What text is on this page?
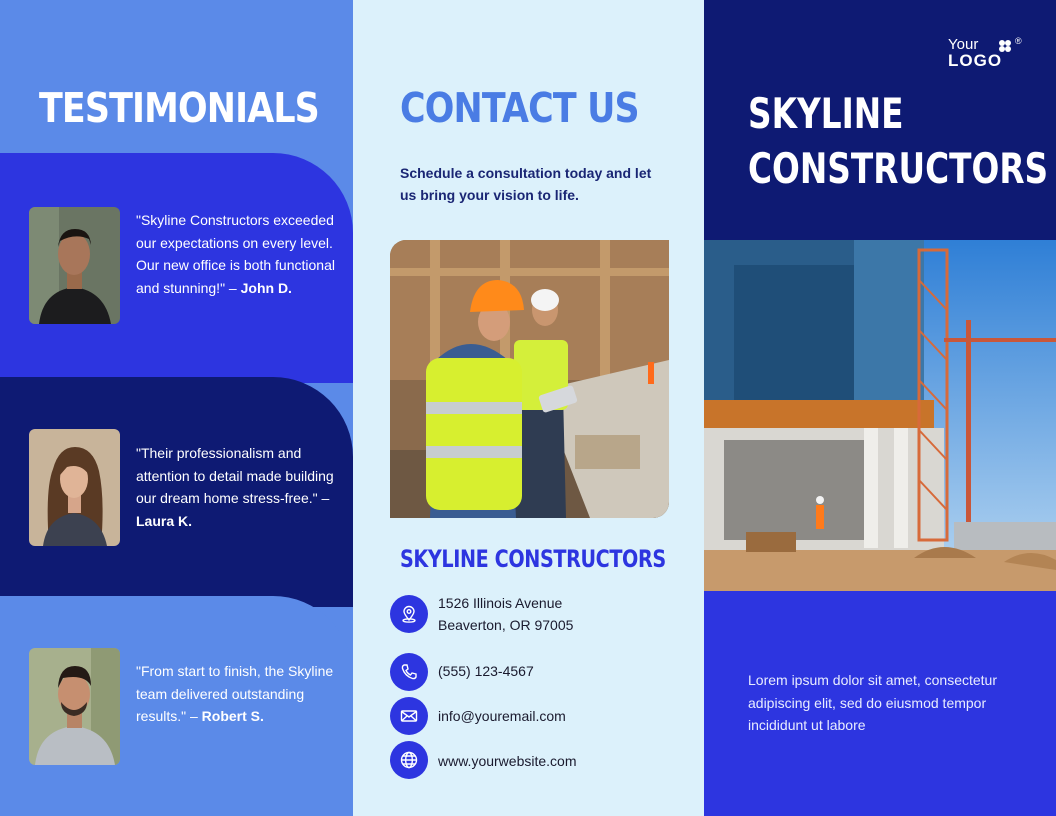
TESTIMONIALS

"Skyline Constructors exceeded our expectations on every level. Our new office is both functional and stunning!" – John D.

"Their professionalism and attention to detail made building our dream home stress-free." – Laura K.

"From start to finish, the Skyline team delivered outstanding results." – Robert S.

CONTACT US

Schedule a consultation today and let us bring your vision to life.

SKYLINE CONSTRUCTORS
1526 Illinois Avenue
Beaverton, OR 97005
(555) 123-4567
info@youremail.com
www.yourwebsite.com
Your	®
LOGO
SKYLINE
CONSTRUCTORS

Lorem ipsum dolor sit amet, consectetur adipiscing elit, sed do eiusmod tempor incididunt ut labore
